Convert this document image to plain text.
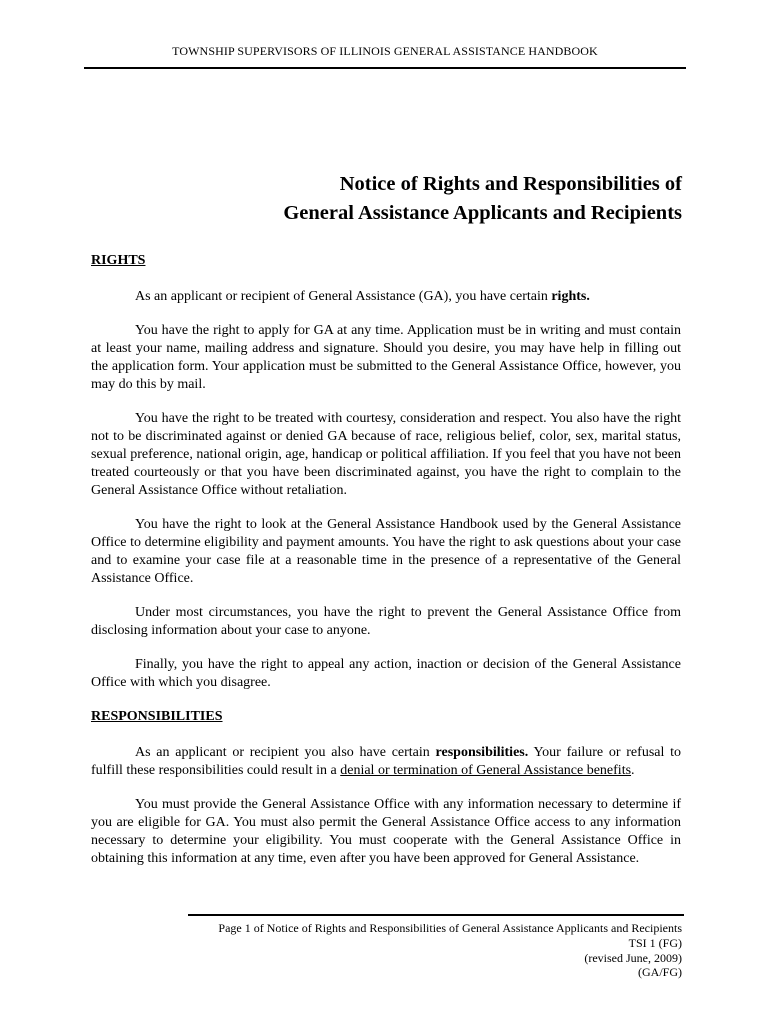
TOWNSHIP SUPERVISORS OF ILLINOIS GENERAL ASSISTANCE HANDBOOK
Notice of Rights and Responsibilities of
General Assistance Applicants and Recipients
RIGHTS

As an applicant or recipient of General Assistance (GA), you have certain rights.

You have the right to apply for GA at any time. Application must be in writing and must contain at least your name, mailing address and signature. Should you desire, you may have help in filling out the application form. Your application must be submitted to the General Assistance Office, however, you may do this by mail.

You have the right to be treated with courtesy, consideration and respect. You also have the right not to be discriminated against or denied GA because of race, religious belief, color, sex, marital status, sexual preference, national origin, age, handicap or political affiliation. If you feel that you have not been treated courteously or that you have been discriminated against, you have the right to complain to the General Assistance Office without retaliation.

You have the right to look at the General Assistance Handbook used by the General Assistance Office to determine eligibility and payment amounts. You have the right to ask questions about your case and to examine your case file at a reasonable time in the presence of a representative of the General Assistance Office.

Under most circumstances, you have the right to prevent the General Assistance Office from disclosing information about your case to anyone.

Finally, you have the right to appeal any action, inaction or decision of the General Assistance Office with which you disagree.

RESPONSIBILITIES

As an applicant or recipient you also have certain responsibilities. Your failure or refusal to fulfill these responsibilities could result in a denial or termination of General Assistance benefits.

You must provide the General Assistance Office with any information necessary to determine if you are eligible for GA. You must also permit the General Assistance Office access to any information necessary to determine your eligibility. You must cooperate with the General Assistance Office in obtaining this information at any time, even after you have been approved for General Assistance.

Page 1 of Notice of Rights and Responsibilities of General Assistance Applicants and Recipients
TSI 1 (FG)
(revised June, 2009)
(GA/FG)
